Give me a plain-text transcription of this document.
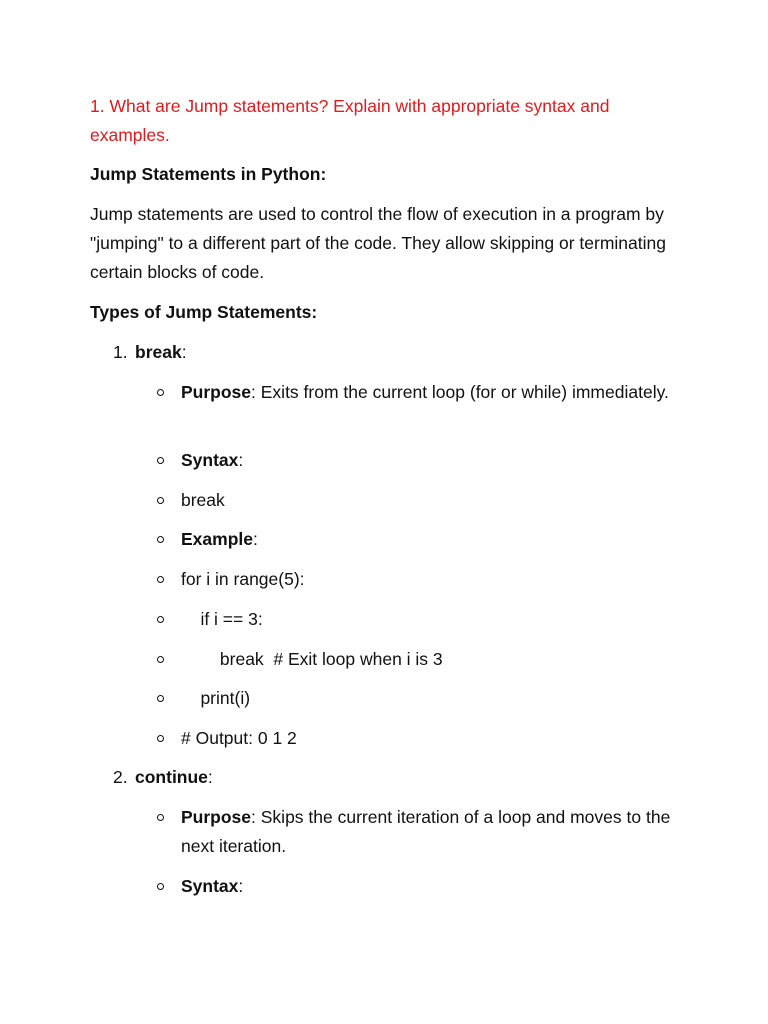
1. What are Jump statements? Explain with appropriate syntax and examples.

Jump Statements in Python:

Jump statements are used to control the flow of execution in a program by "jumping" to a different part of the code. They allow skipping or terminating certain blocks of code.

Types of Jump Statements:

1. break:

Purpose: Exits from the current loop (for or while) immediately.
Syntax:
break
Example:
for i in range(5):
if i == 3:
break  # Exit loop when i is 3
print(i)
# Output: 0 1 2

2. continue:

Purpose: Skips the current iteration of a loop and moves to the next iteration.
Syntax:
